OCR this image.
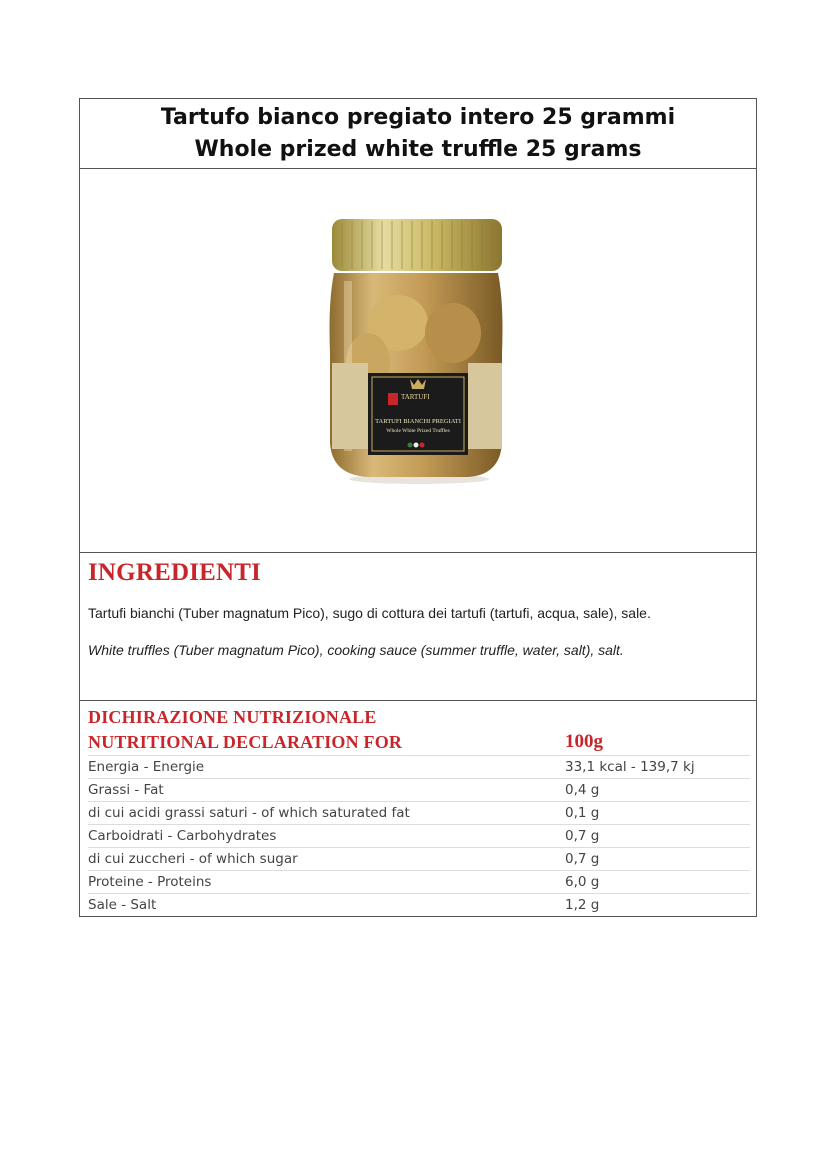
Tartufo bianco pregiato intero 25 grammi
Whole prized white truffle 25 grams
TARTUFI
TARTUFI BIANCHI PREGIATI
Whole White Prized Truffles
INGREDIENTI
Tartufi bianchi (Tuber magnatum Pico), sugo di cottura dei tartufi (tartufi, acqua, sale), sale.
White truffles (Tuber magnatum Pico), cooking sauce (summer truffle, water, salt), salt.
DICHIRAZIONE NUTRIZIONALE
NUTRITIONAL DECLARATION FOR	100g
Energia - Energie	33,1 kcal - 139,7 kj
Grassi - Fat	0,4 g
di cui acidi grassi saturi - of which saturated fat	0,1 g
Carboidrati - Carbohydrates	0,7 g
di cui zuccheri - of which sugar	0,7 g
Proteine - Proteins	6,0 g
Sale - Salt	1,2 g
